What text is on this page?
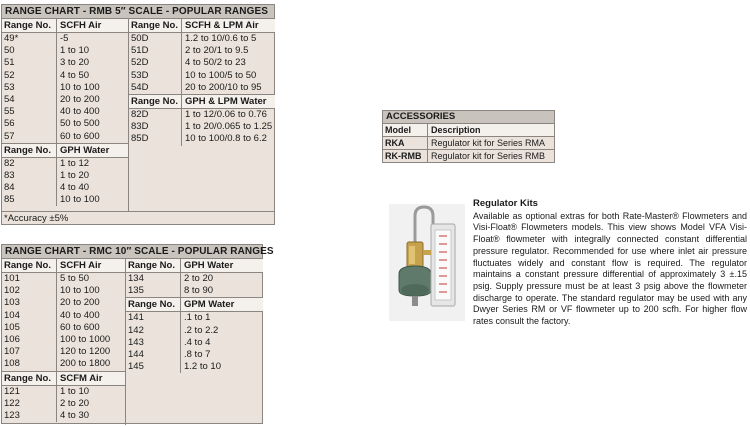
RANGE CHART - RMB 5″ SCALE - POPULAR RANGES
Range No. SCFH Air
49*	-5
50	1 to 10
51	3 to 20
52	4 to 50
53	10 to 100
54	20 to 200
55	40 to 400
56	50 to 500
57	60 to 600
Range No. GPH Water
82	1 to 12
83	1 to 20
84	4 to 40
85	10 to 100
Range No. SCFH & LPM Air
50D	1.2 to 10/0.6 to 5
51D	2 to 20/1 to 9.5
52D	4 to 50/2 to 23
53D	10 to 100/5 to 50
54D	20 to 200/10 to 95
Range No. GPH & LPM Water
82D	1 to 12/0.06 to 0.76
83D	1 to 20/0.065 to 1.25
85D	10 to 100/0.8 to 6.2
*Accuracy ±5%
RANGE CHART - RMC 10″ SCALE - POPULAR RANGES
Range No. SCFH Air
101	5 to 50
102	10 to 100
103	20 to 200
104	40 to 400
105	60 to 600
106	100 to 1000
107	120 to 1200
108	200 to 1800
Range No. SCFM Air
121	1 to 10
122	2 to 20
123	4 to 30
Range No. GPH Water
134	2 to 20
135	8 to 90
Range No. GPM Water
141	.1 to 1
142	.2 to 2.2
143	.4 to 4
144	.8 to 7
145	1.2 to 10
ACCESSORIES
Model	Description
RKA	Regulator kit for Series RMA
RK-RMB	Regulator kit for Series RMB
Regulator Kits
Available as optional extras for both Rate-Master® Flowmeters and Visi-Float® Flowmeters models. This view shows Model VFA Visi-Float® flowmeter with integrally connected constant differential pressure regulator. Recommended for use where inlet air pressure fluctuates widely and constant flow is required. The regulator maintains a constant pressure differential of approximately 3 ±.15 psig. Supply pressure must be at least 3 psig above the flowmeter discharge to operate. The standard regulator may be used with any Dwyer Series RM or VF flowmeter up to 200 scfh. For higher flow rates consult the factory.
